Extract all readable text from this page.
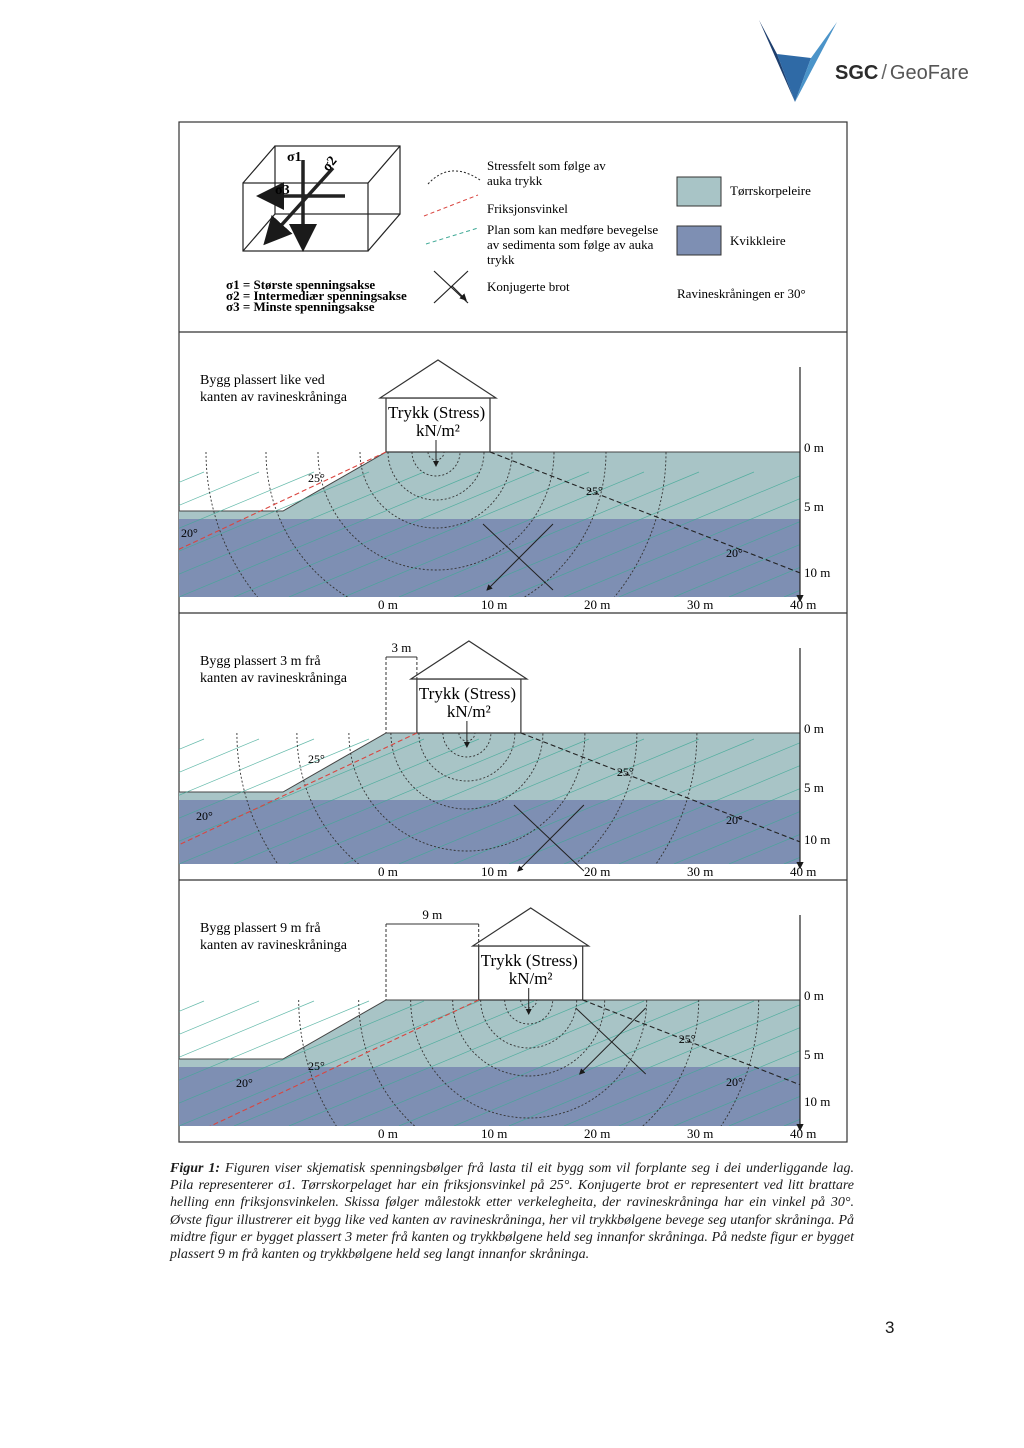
SGC / GeoFare
σ1 σ2
σ3
σ1 = Største spenningsakse
σ2 = Intermediær spenningsakse
σ3 = Minste spenningsakse
Stressfelt som følge av
auka trykk
Friksjonsvinkel
Plan som kan medføre bevegelse
av sedimenta som følge av auka
trykk
Konjugerte brot
Tørrskorpeleire
Kvikkleire
Ravineskråningen er 30°
Trykk (Stress)
kN/m²
25°
25°
20°
20°
Bygg plassert like ved
kanten av ravineskråninga
0 m
5 m
10 m
0 m	10 m	20 m	30 m	40 m
Trykk (Stress)
kN/m²
25°
25°
20°	20°
3 m
Bygg plassert 3 m frå
kanten av ravineskråninga
0 m
5 m
10 m
0 m	10 m	20 m	30 m	40 m
Trykk (Stress)
kN/m²
25°
25°
20°	20°
9 m
Bygg plassert 9 m frå
kanten av ravineskråninga
0 m
5 m
10 m
0 m	10 m	20 m	30 m	40 m
Figur 1: Figuren viser skjematisk spenningsbølger frå lasta til eit bygg som vil forplante seg i dei underliggande lag. Pila representerer σ1. Tørrskorpelaget har ein friksjonsvinkel på 25°. Konjugerte brot er representert ved litt brattare helling enn friksjonsvinkelen. Skissa følger målestokk etter verkelegheita, der ravineskråninga har ein vinkel på 30°. Øvste figur illustrerer eit bygg like ved kanten av ravineskråninga, her vil trykkbølgene bevege seg utanfor skråninga. På midtre figur er bygget plassert 3 meter frå kanten og trykkbølgene held seg innanfor skråninga. På nedste figur er bygget plassert 9 m frå kanten og trykkbølgene held seg langt innanfor skråninga.
3
